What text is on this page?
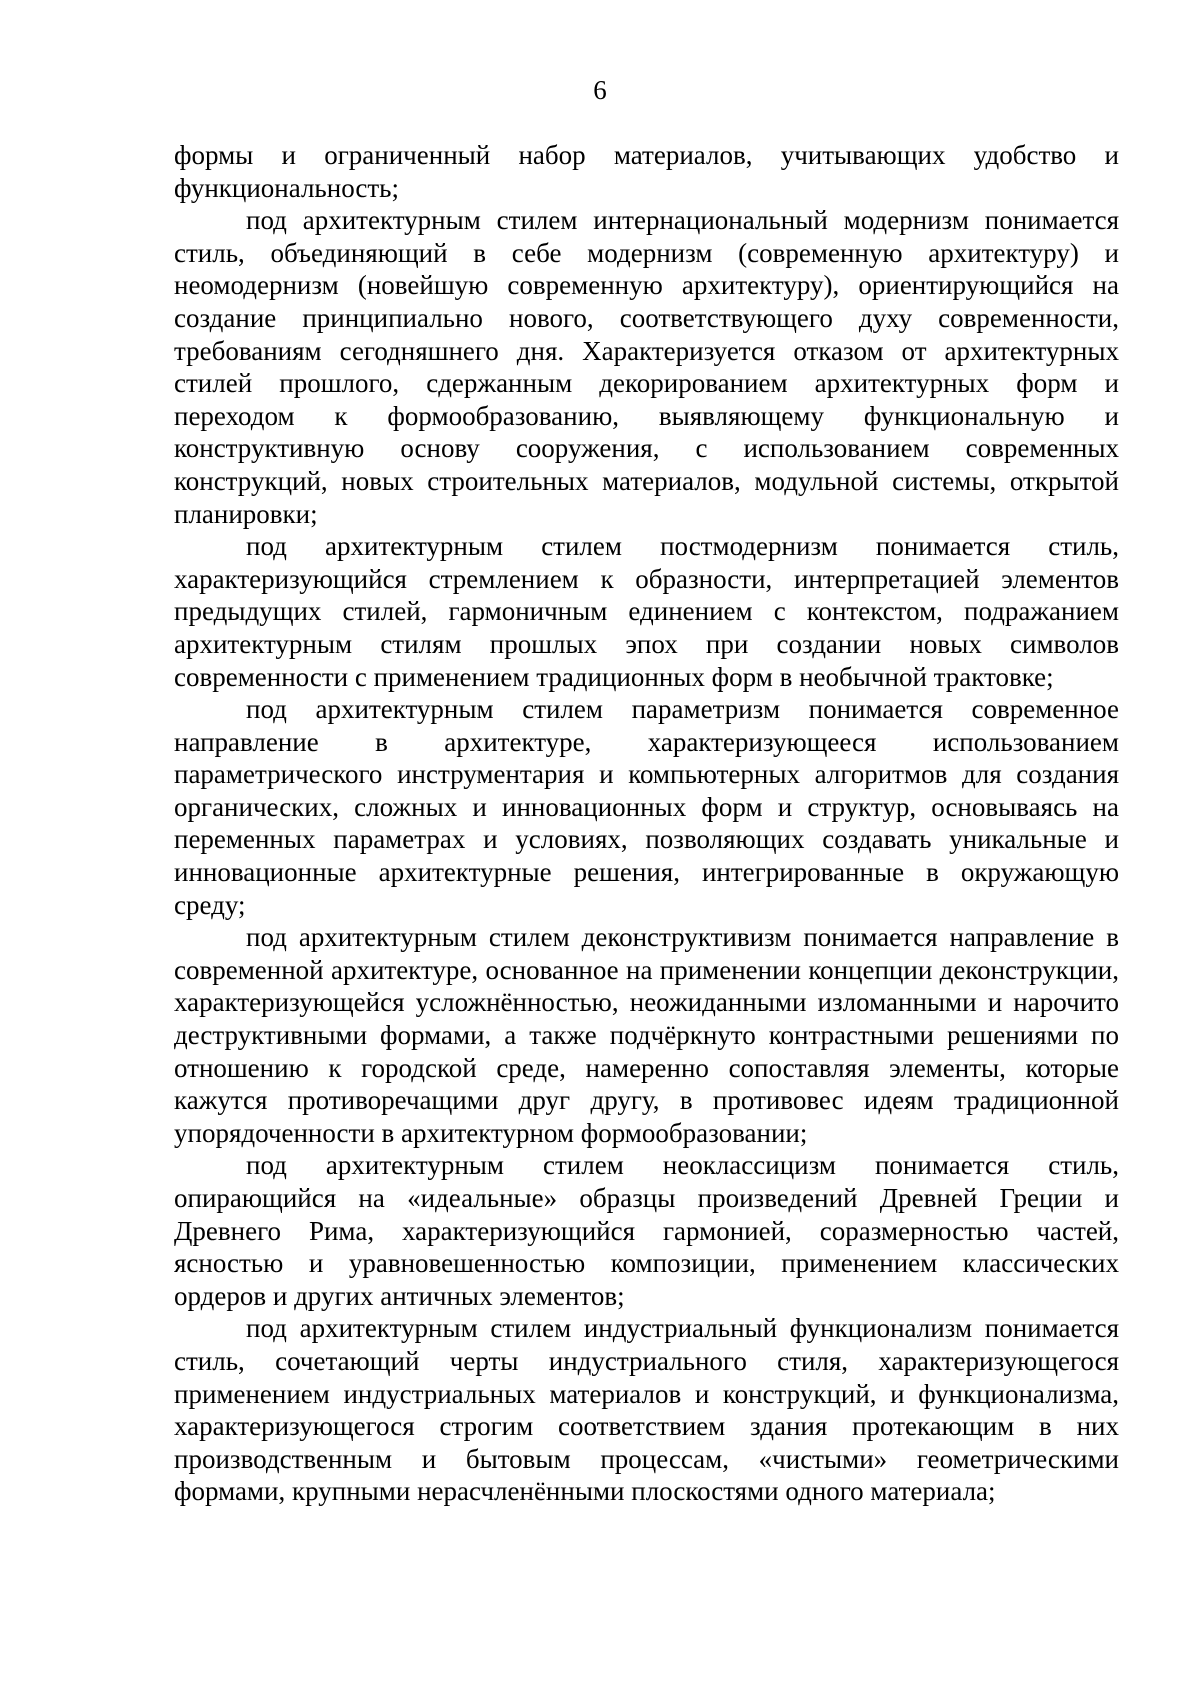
6

формы и ограниченный набор материалов, учитывающих удобство и функциональность;

под архитектурным стилем интернациональный модернизм понимается стиль, объединяющий в себе модернизм (современную архитектуру) и неомодернизм (новейшую современную архитектуру), ориентирующийся на создание принципиально нового, соответствующего духу современности, требованиям сегодняшнего дня. Характеризуется отказом от архитектурных стилей прошлого, сдержанным декорированием архитектурных форм и переходом к формообразованию, выявляющему функциональную и конструктивную основу сооружения, с использованием современных конструкций, новых строительных материалов, модульной системы, открытой планировки;

под архитектурным стилем постмодернизм понимается стиль, характеризующийся стремлением к образности, интерпретацией элементов предыдущих стилей, гармоничным единением с контекстом, подражанием архитектурным стилям прошлых эпох при создании новых символов современности с применением традиционных форм в необычной трактовке;

под архитектурным стилем параметризм понимается современное направление в архитектуре, характеризующееся использованием параметрического инструментария и компьютерных алгоритмов для создания органических, сложных и инновационных форм и структур, основываясь на переменных параметрах и условиях, позволяющих создавать уникальные и инновационные архитектурные решения, интегрированные в окружающую среду;

под архитектурным стилем деконструктивизм понимается направление в современной архитектуре, основанное на применении концепции деконструкции, характеризующейся усложнённостью, неожиданными изломанными и нарочито деструктивными формами, а также подчёркнуто контрастными решениями по отношению к городской среде, намеренно сопоставляя элементы, которые кажутся противоречащими друг другу, в противовес идеям традиционной упорядоченности в архитектурном формообразовании;

под архитектурным стилем неоклассицизм понимается стиль, опирающийся на «идеальные» образцы произведений Древней Греции и Древнего Рима, характеризующийся гармонией, соразмерностью частей, ясностью и уравновешенностью композиции, применением классических ордеров и других античных элементов;

под архитектурным стилем индустриальный функционализм понимается стиль, сочетающий черты индустриального стиля, характеризующегося применением индустриальных материалов и конструкций, и функционализма, характеризующегося строгим соответствием здания протекающим в них производственным и бытовым процессам, «чистыми» геометрическими формами, крупными нерасчленёнными плоскостями одного материала;
